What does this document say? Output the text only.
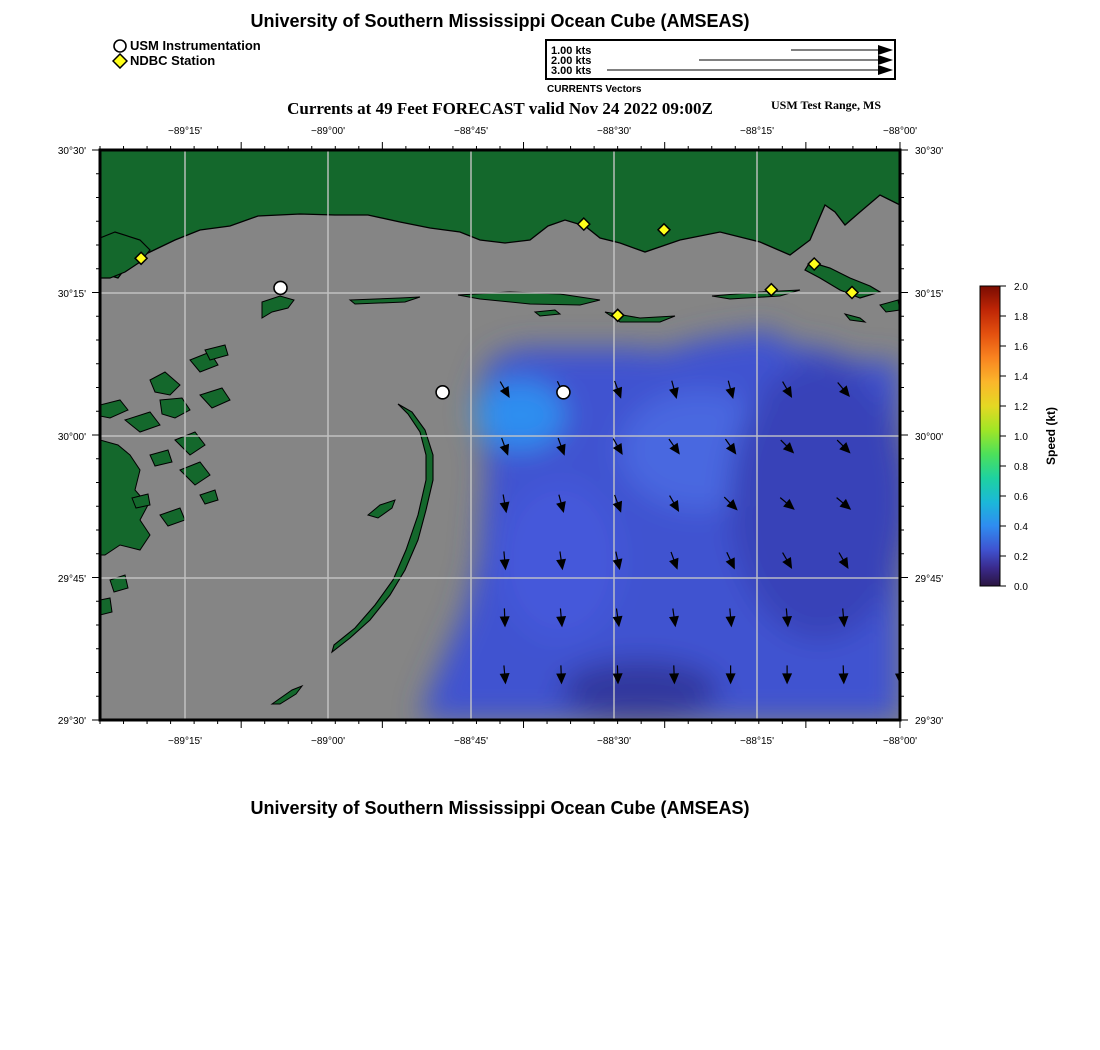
University of Southern Mississippi Ocean Cube (AMSEAS)
USM Instrumentation
NDBC Station
1.00 kts
2.00 kts
3.00 kts
CURRENTS Vectors
Currents at 49 Feet FORECAST valid Nov 24 2022 09:00Z	USM Test Range, MS
−89°15'	−89°00'	−88°45'	−88°30'	−88°15'	−88°00'
−89°15'	−89°00'	−88°45'	−88°30'	−88°15'	−88°00'
30°30'
30°15'
30°00'
29°45'
29°30'
30°30'
30°15'
30°00'
29°45'
29°30'
2.0
1.8
1.6
1.4
1.2
1.0
0.8
0.6
0.4
0.2
0.0
Speed (kt)
University of Southern Mississippi Ocean Cube (AMSEAS)
